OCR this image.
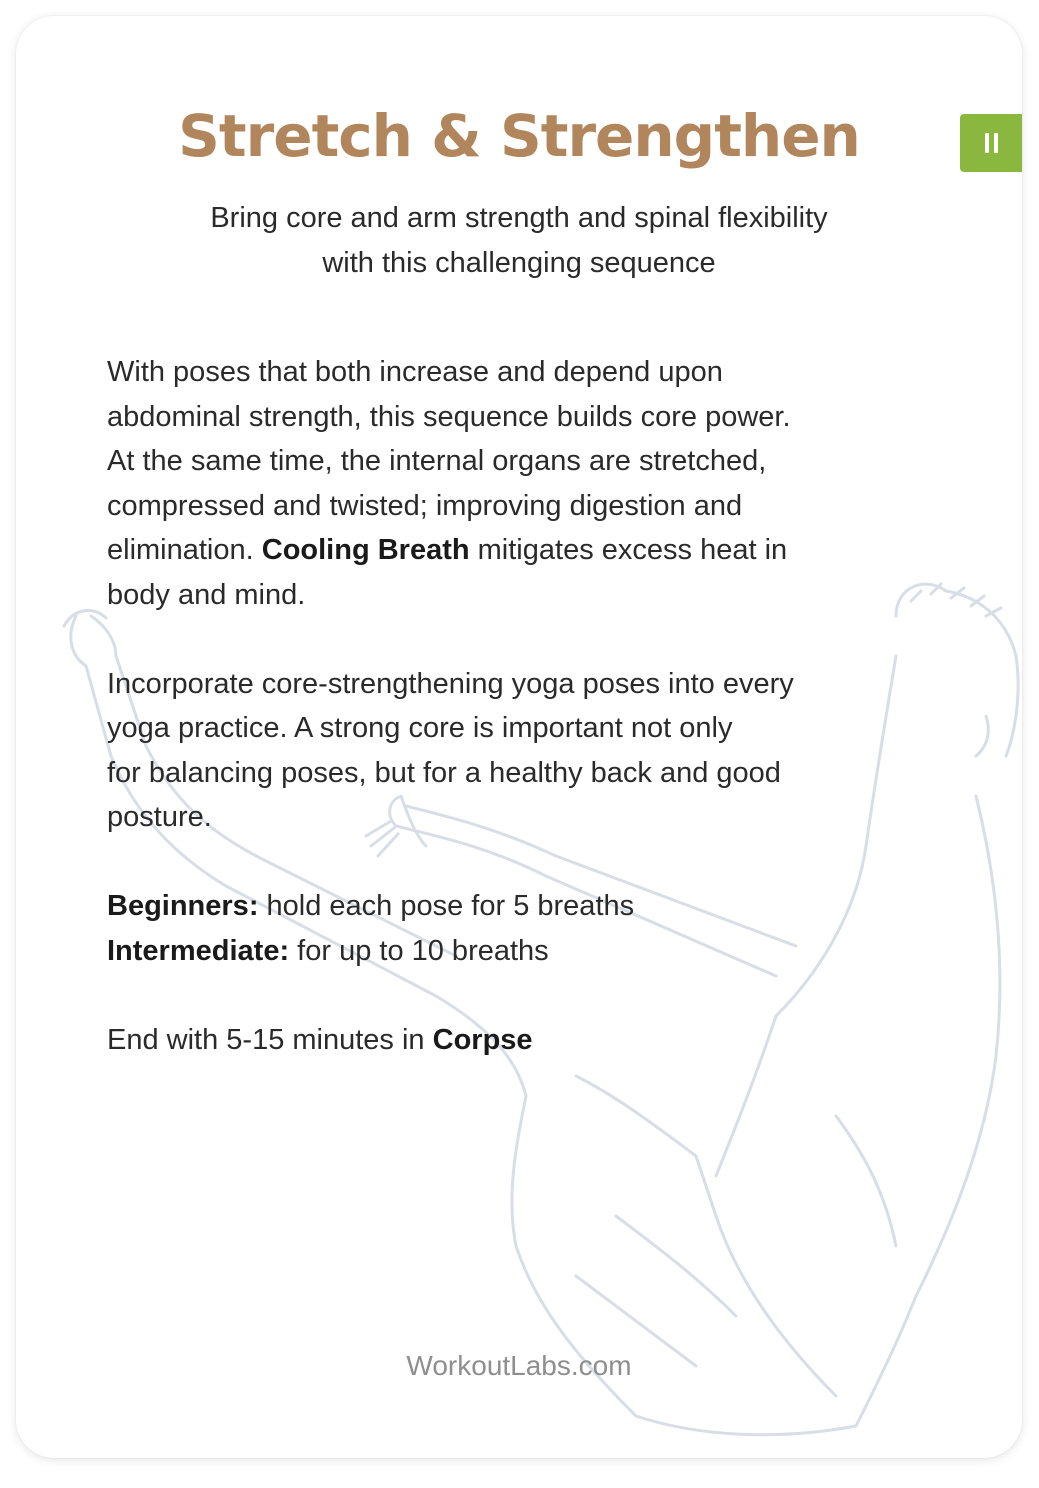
Stretch & Strengthen

Bring core and arm strength and spinal flexibility
with this challenging sequence

With poses that both increase and depend upon
abdominal strength, this sequence builds core power.
At the same time, the internal organs are stretched,
compressed and twisted; improving digestion and
elimination. Cooling Breath mitigates excess heat in
body and mind.

Incorporate core-strengthening yoga poses into every
yoga practice. A strong core is important not only
for balancing poses, but for a healthy back and good
posture.

Beginners: hold each pose for 5 breaths
Intermediate: for up to 10 breaths

End with 5-15 minutes in Corpse

WorkoutLabs.com
